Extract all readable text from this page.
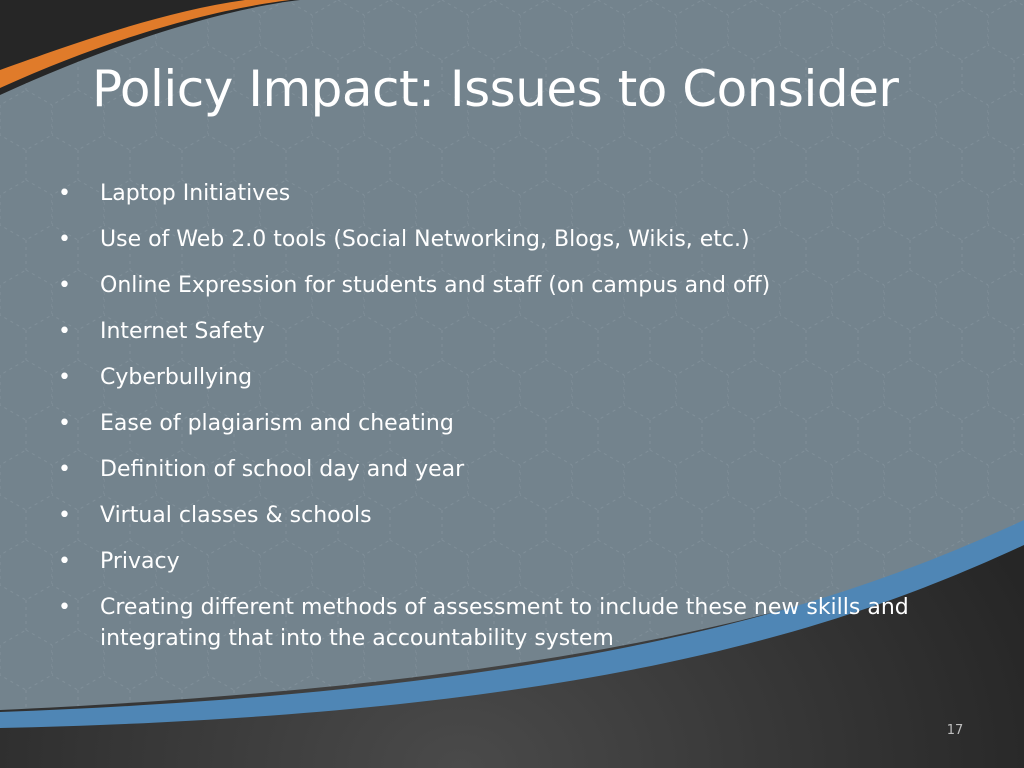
Policy Impact: Issues to Consider
• Laptop Initiatives
• Use of Web 2.0 tools (Social Networking, Blogs, Wikis, etc.)
• Online Expression for students and staff (on campus and off)
• Internet Safety
• Cyberbullying
• Ease of plagiarism and cheating
• Definition of school day and year
• Virtual classes & schools
• Privacy
• Creating different methods of assessment to include these new skills and integrating that into the accountability system
17
